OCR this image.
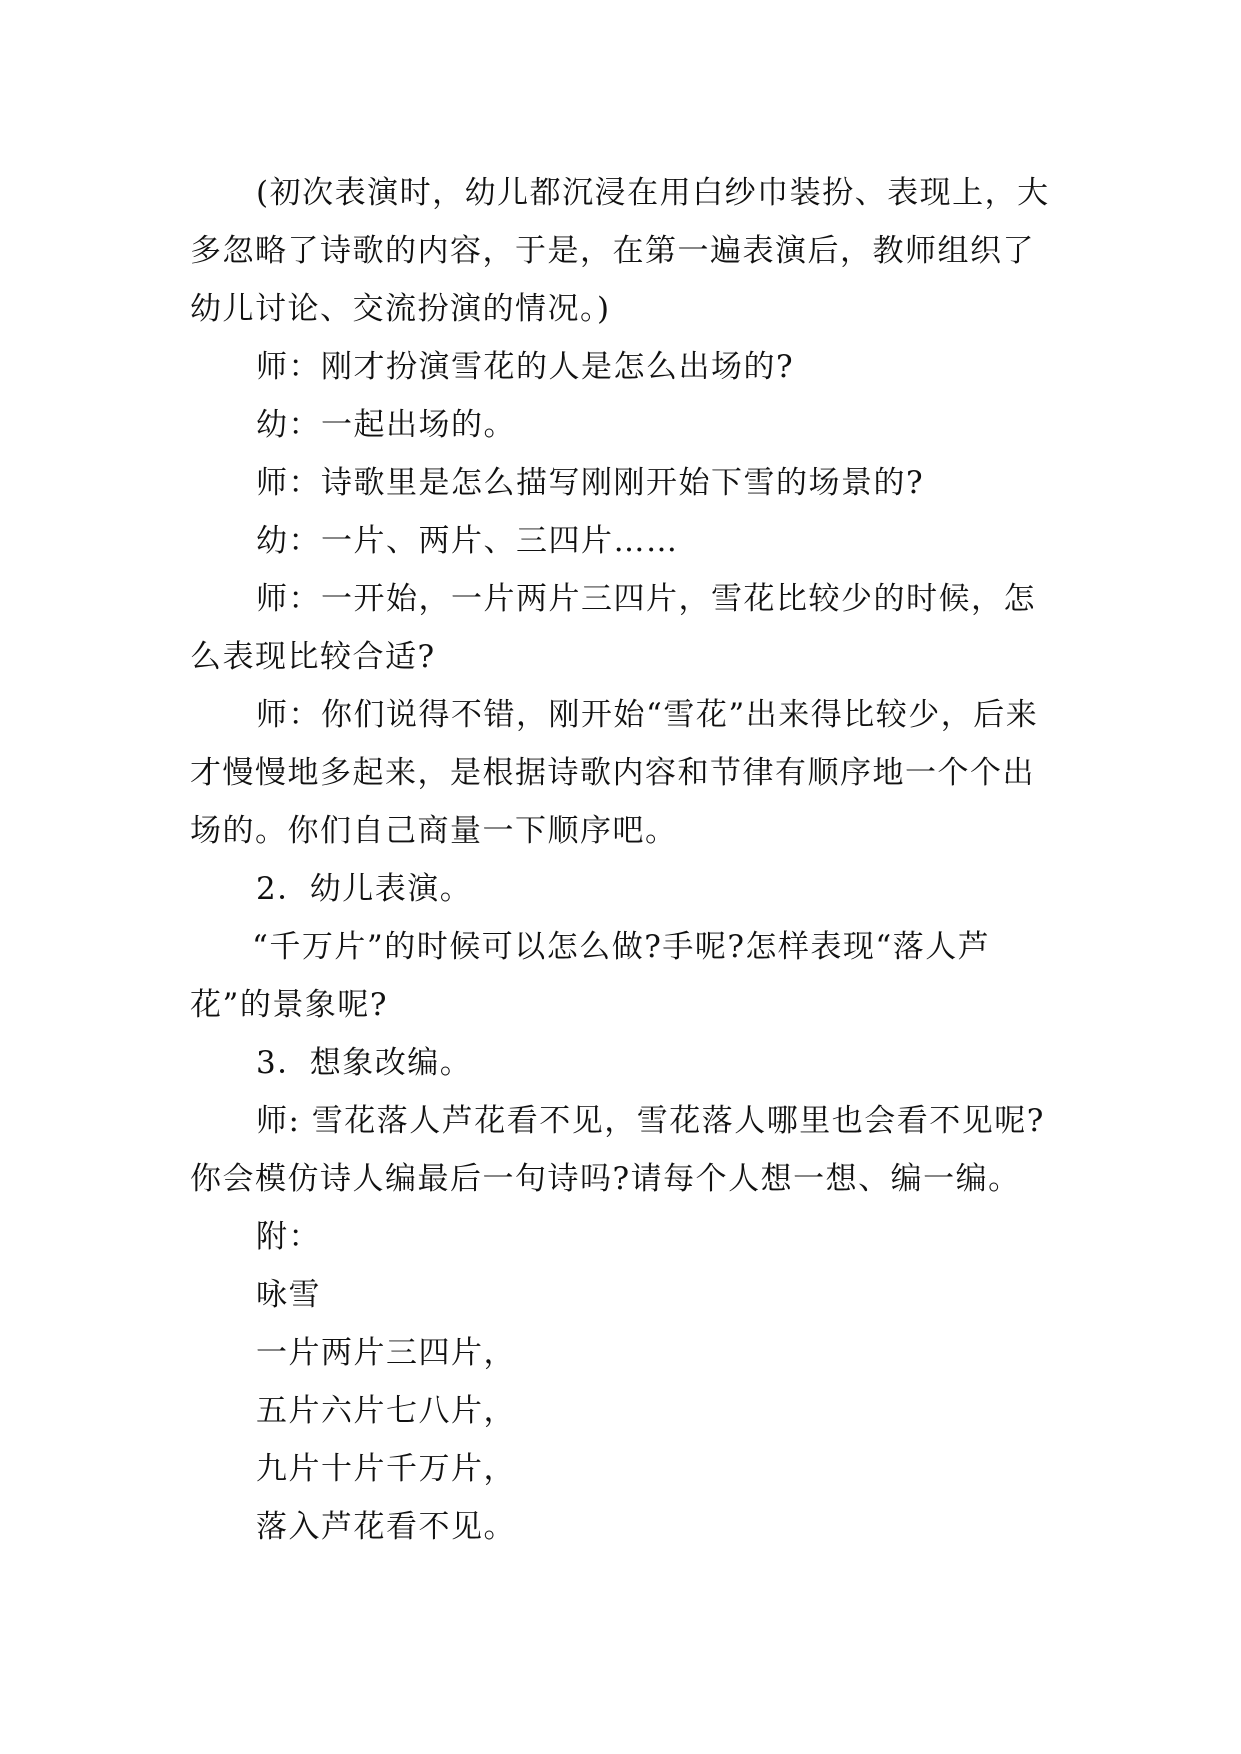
(初次表演时，幼儿都沉浸在用白纱巾装扮、表现上，大多忽略了诗歌的内容，于是，在第一遍表演后，教师组织了幼儿讨论、交流扮演的情况。)

师：刚才扮演雪花的人是怎么出场的?

幼：一起出场的。

师：诗歌里是怎么描写刚刚开始下雪的场景的?

幼：一片、两片、三四片……

师：一开始，一片两片三四片，雪花比较少的时候，怎么表现比较合适?

师：你们说得不错，刚开始“雪花”出来得比较少，后来才慢慢地多起来，是根据诗歌内容和节律有顺序地一个个出场的。你们自己商量一下顺序吧。

2．幼儿表演。

“千万片”的时候可以怎么做?手呢?怎样表现“落人芦花”的景象呢?

3．想象改编。

师: 雪花落人芦花看不见，雪花落人哪里也会看不见呢?你会模仿诗人编最后一句诗吗?请每个人想一想、编一编。

附：

咏雪

一片两片三四片，

五片六片七八片，

九片十片千万片，

落入芦花看不见。
